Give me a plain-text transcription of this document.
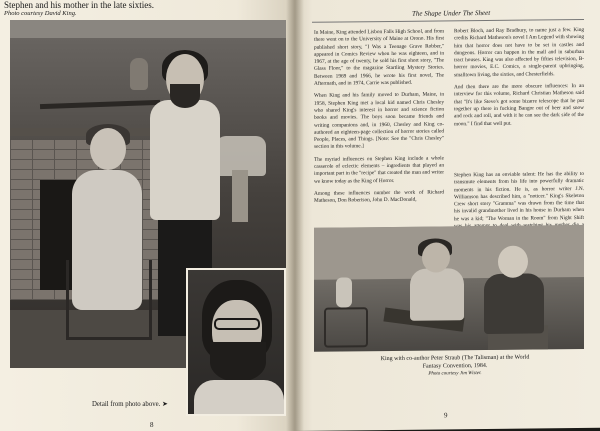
Stephen and his mother in the late sixties.
Photo courtesy David King.
Detail from photo above. ➤
8
The Shape Under The Sheet

In Maine, King attended Lisbon Falls High School, and from there went on to the University of Maine at Orono. His first published short story, "I Was a Teenage Grave Robber," appeared in Comics Review when he was eighteen, and in 1967, at the age of twenty, he sold his first short story, "The Glass Floor," to the magazine Startling Mystery Stories. Between 1969 and 1966, he wrote his first novel, The Aftermath, and in 1974, Carrie was published.

When King and his family moved to Durham, Maine, in 1958, Stephen King met a local kid named Chris Chesley who shared King's interest in horror and science fiction books and movies. The boys soon became friends and writing companions and, in 1960, Chesley and King co-authored an eighteen-page collection of horror stories called People, Places, and Things. [Note: See the "Chris Chesley" section in this volume.]

The myriad influences on Stephen King include a whole casserole of eclectic elements – ingredients that played an important part in the "recipe" that created the man and writer we know today as the King of Horror.

Among these influences number the work of Richard Matheson, Don Robertson, John D. MacDonald,

Robert Bloch, and Ray Bradbury, to name just a few. King credits Richard Matheson's novel I Am Legend with showing him that horror does not have to be set in castles and dungeons. Horror can happen in the mall and in suburban tract houses. King was also affected by fifties television, B-horror movies, E.C. Comics, a single-parent upbringing, smalltown living, the sixties, and Chesterfields.

And then there are the more obscure influences: In an interview for this volume, Richard Christian Matheson said that "It's like Steve's got some bizarre telescope that he put together up there in fucking Bangor out of beer and snow and rock and roll, and with it he can see the dark side of the moon." I find that well put.

Stephen King has an enviable talent: He has the ability to transmute elements from his life into powerfully dramatic moments in his fiction. He is, as horror writer J.N. Williamson has described him, a "noticer." King's Skeleton Crew short story "Gramma" was drawn from the time that his invalid grandmother lived in his house in Durham when he was a kid; "The Woman in the Room" from Night Shift

King with co-author Peter Straub (The Talisman) at the World Fantasy Convention, 1984.
Photo courtesy Jim Wister.
9
